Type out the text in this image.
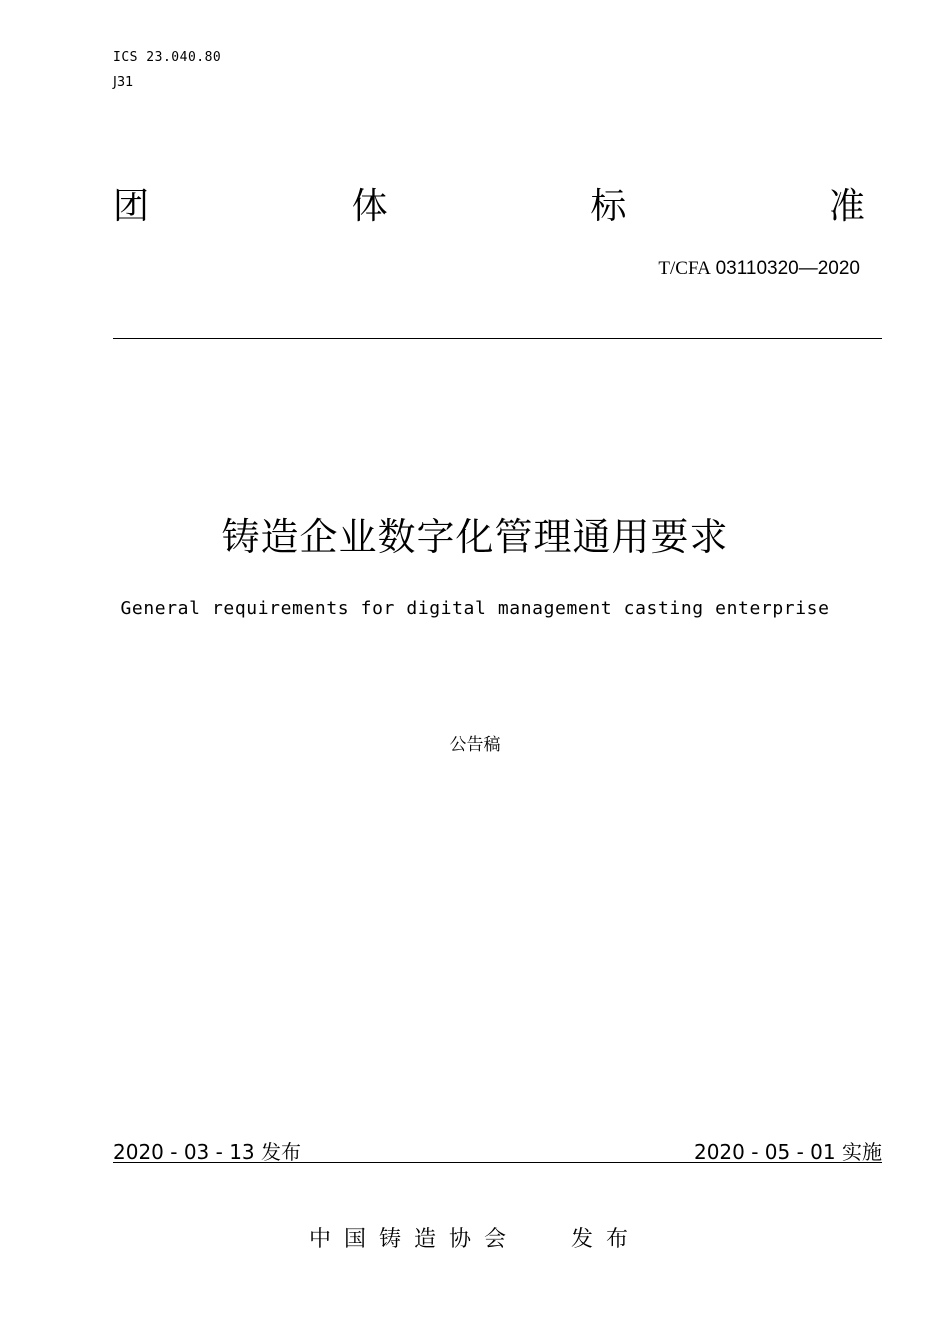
ICS 23.040.80
J31
团	体	标	准
T/CFA 03110320—2020
铸造企业数字化管理通用要求
General requirements for digital management casting enterprise
公告稿
2020 - 03 - 13 发布	2020 - 05 - 01 实施
中国铸造协会 发布
